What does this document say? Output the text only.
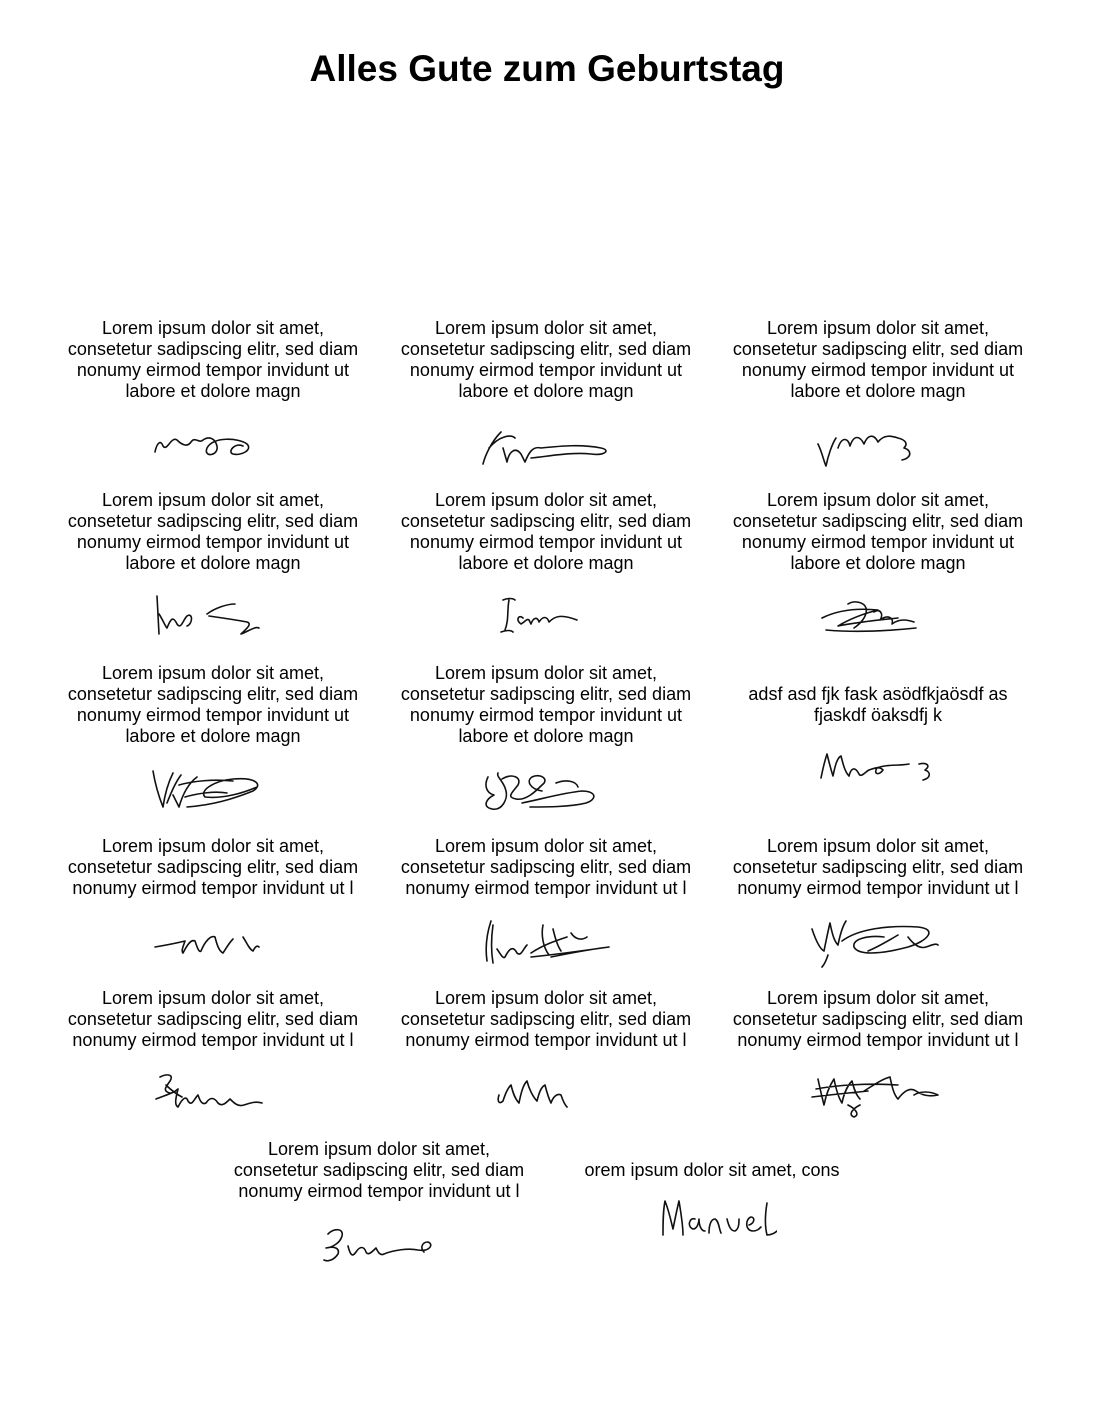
Alles Gute zum Geburtstag
Lorem ipsum dolor sit amet,
consetetur sadipscing elitr, sed diam
nonumy eirmod tempor invidunt ut
labore et dolore magn
Lorem ipsum dolor sit amet,
consetetur sadipscing elitr, sed diam
nonumy eirmod tempor invidunt ut
labore et dolore magn
Lorem ipsum dolor sit amet,
consetetur sadipscing elitr, sed diam
nonumy eirmod tempor invidunt ut
labore et dolore magn
Lorem ipsum dolor sit amet,
consetetur sadipscing elitr, sed diam
nonumy eirmod tempor invidunt ut
labore et dolore magn
Lorem ipsum dolor sit amet,
consetetur sadipscing elitr, sed diam
nonumy eirmod tempor invidunt ut
labore et dolore magn
Lorem ipsum dolor sit amet,
consetetur sadipscing elitr, sed diam
nonumy eirmod tempor invidunt ut
labore et dolore magn
Lorem ipsum dolor sit amet,
consetetur sadipscing elitr, sed diam
nonumy eirmod tempor invidunt ut
labore et dolore magn
Lorem ipsum dolor sit amet,
consetetur sadipscing elitr, sed diam
nonumy eirmod tempor invidunt ut
labore et dolore magn
adsf asd fjk fask asödfkjaösdf as
fjaskdf öaksdfj k
Lorem ipsum dolor sit amet,
consetetur sadipscing elitr, sed diam
nonumy eirmod tempor invidunt ut l
Lorem ipsum dolor sit amet,
consetetur sadipscing elitr, sed diam
nonumy eirmod tempor invidunt ut l
Lorem ipsum dolor sit amet,
consetetur sadipscing elitr, sed diam
nonumy eirmod tempor invidunt ut l
Lorem ipsum dolor sit amet,
consetetur sadipscing elitr, sed diam
nonumy eirmod tempor invidunt ut l
Lorem ipsum dolor sit amet,
consetetur sadipscing elitr, sed diam
nonumy eirmod tempor invidunt ut l
Lorem ipsum dolor sit amet,
consetetur sadipscing elitr, sed diam
nonumy eirmod tempor invidunt ut l
Lorem ipsum dolor sit amet,
consetetur sadipscing elitr, sed diam
nonumy eirmod tempor invidunt ut l
orem ipsum dolor sit amet, cons
